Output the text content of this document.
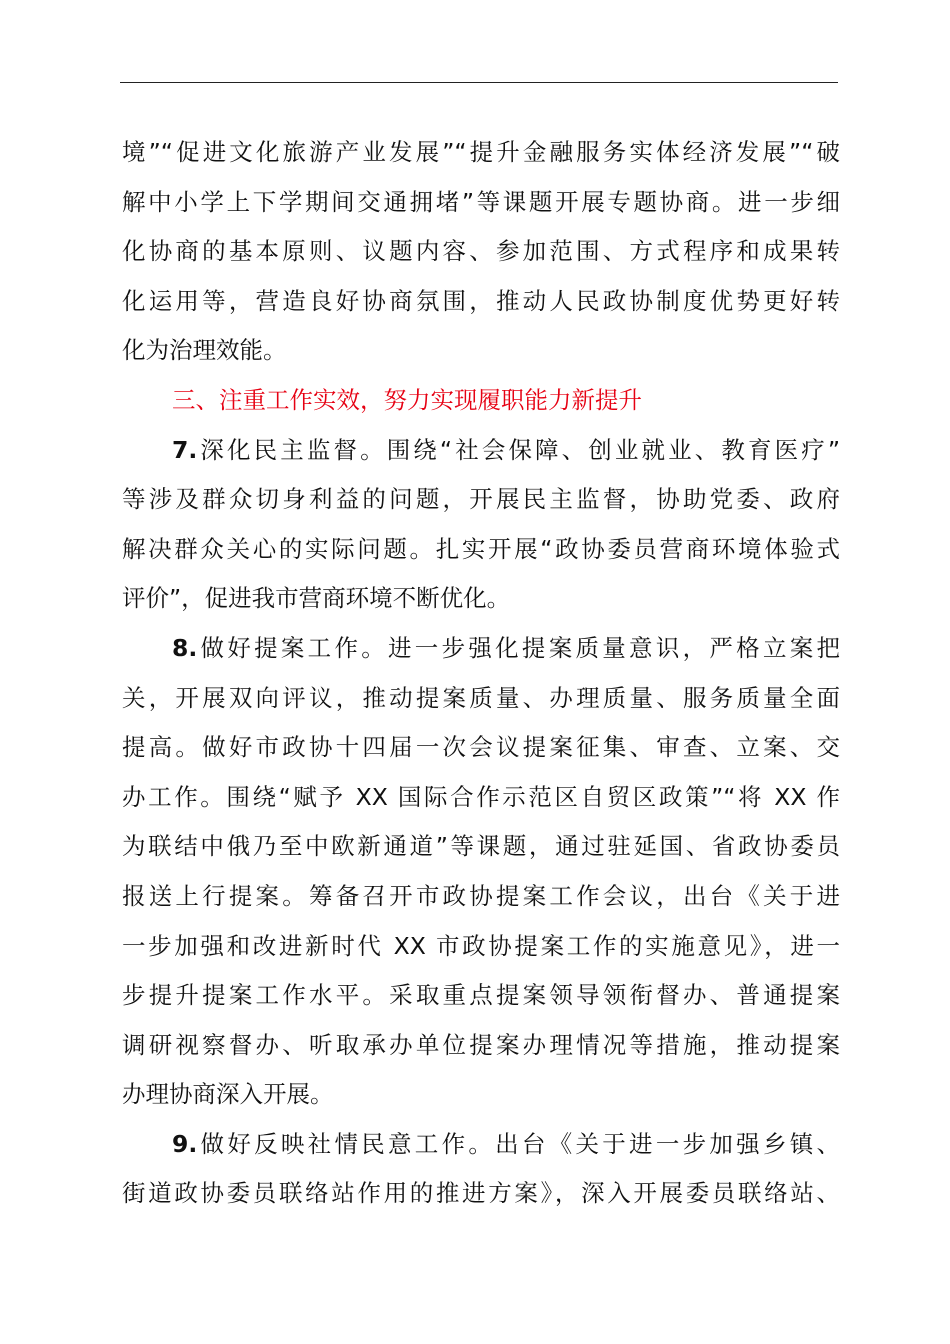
境”“促进文化旅游产业发展”“提升金融服务实体经济发展”“破
解中小学上下学期间交通拥堵”等课题开展专题协商。进一步细
化协商的基本原则、议题内容、参加范围、方式程序和成果转
化运用等，营造良好协商氛围，推动人民政协制度优势更好转
化为治理效能。
三、注重工作实效，努力实现履职能力新提升
7.深化民主监督。围绕“社会保障、创业就业、教育医疗”
等涉及群众切身利益的问题，开展民主监督，协助党委、政府
解决群众关心的实际问题。扎实开展“政协委员营商环境体验式
评价”，促进我市营商环境不断优化。
8.做好提案工作。进一步强化提案质量意识，严格立案把
关，开展双向评议，推动提案质量、办理质量、服务质量全面
提高。做好市政协十四届一次会议提案征集、审查、立案、交
办工作。围绕“赋予 XX 国际合作示范区自贸区政策”“将 XX 作
为联结中俄乃至中欧新通道”等课题，通过驻延国、省政协委员
报送上行提案。筹备召开市政协提案工作会议，出台《关于进
一步加强和改进新时代 XX 市政协提案工作的实施意见》，进一
步提升提案工作水平。采取重点提案领导领衔督办、普通提案
调研视察督办、听取承办单位提案办理情况等措施，推动提案
办理协商深入开展。
9.做好反映社情民意工作。出台《关于进一步加强乡镇、
街道政协委员联络站作用的推进方案》，深入开展委员联络站、
